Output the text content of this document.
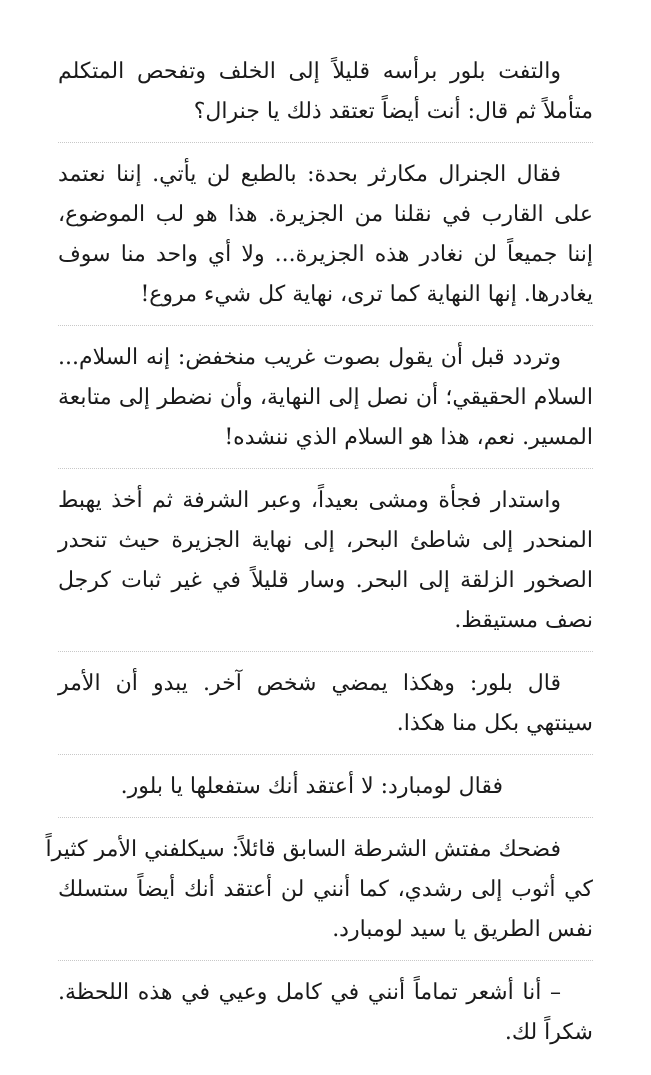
والتفت بلور برأسه قليلاً إلى الخلف وتفحص المتكلم
متأملاً ثم قال: أنت أيضاً تعتقد ذلك يا جنرال؟

فقال الجنرال مكارثر بحدة: بالطبع لن يأتي. إننا نعتمد
على القارب في نقلنا من الجزيرة. هذا هو لب الموضوع،
إننا جميعاً لن نغادر هذه الجزيرة... ولا أي واحد منا سوف
يغادرها. إنها النهاية كما ترى، نهاية كل شيء مروع!

وتردد قبل أن يقول بصوت غريب منخفض: إنه السلام...
السلام الحقيقي؛ أن نصل إلى النهاية، وأن نضطر إلى متابعة
المسير. نعم، هذا هو السلام الذي ننشده!

واستدار فجأة ومشى بعيداً، وعبر الشرفة ثم أخذ يهبط
المنحدر إلى شاطئ البحر، إلى نهاية الجزيرة حيث تنحدر
الصخور الزلقة إلى البحر. وسار قليلاً في غير ثبات كرجل
نصف مستيقظ.

قال بلور: وهكذا يمضي شخص آخر. يبدو أن الأمر
سينتهي بكل منا هكذا.

فقال لومبارد: لا أعتقد أنك ستفعلها يا بلور.

فضحك مفتش الشرطة السابق قائلاً: سيكلفني الأمر كثيراً
كي أثوب إلى رشدي، كما أنني لن أعتقد أنك أيضاً ستسلك
نفس الطريق يا سيد لومبارد.

– أنا أشعر تماماً أنني في كامل وعيي في هذه اللحظة.
شكراً لك.
